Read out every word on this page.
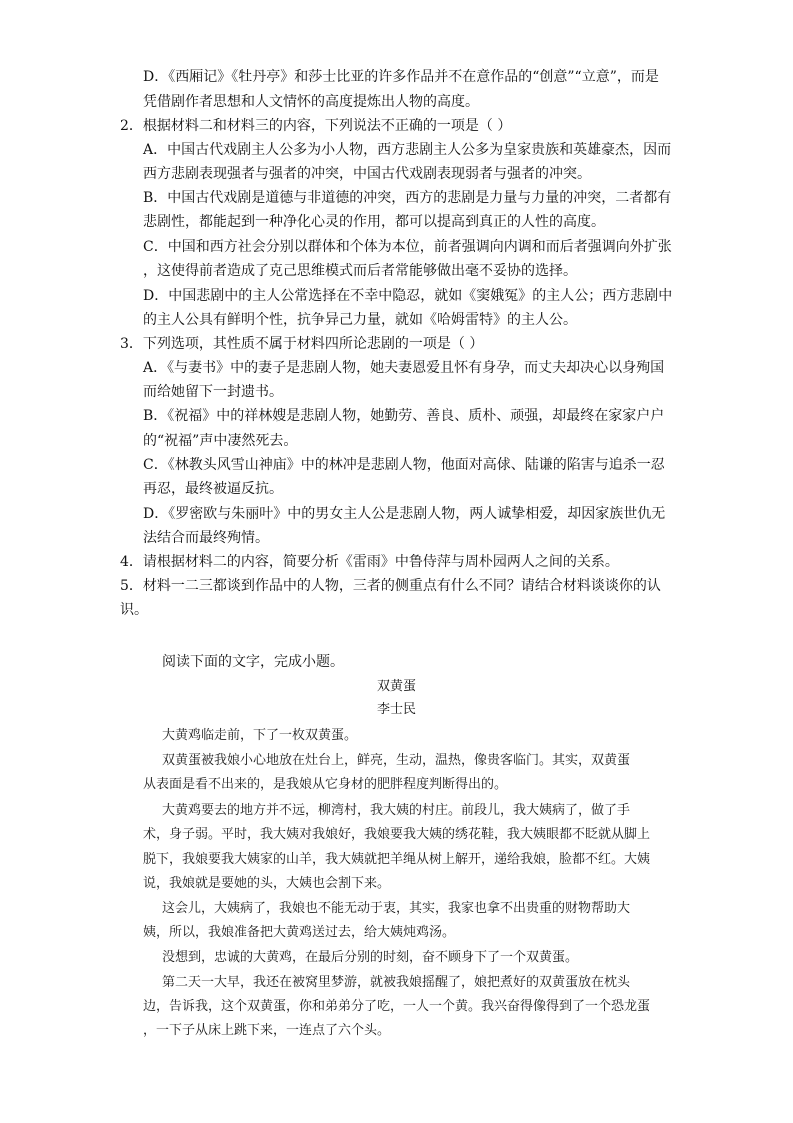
D．《西厢记》《牡丹亭》和莎士比亚的许多作品并不在意作品的“创意”“立意”，而是

凭借剧作者思想和人文情怀的高度提炼出人物的高度。

2．根据材料二和材料三的内容，下列说法不正确的一项是（ ）

A．中国古代戏剧主人公多为小人物，西方悲剧主人公多为皇家贵族和英雄豪杰，因而

西方悲剧表现强者与强者的冲突，中国古代戏剧表现弱者与强者的冲突。

B．中国古代戏剧是道德与非道德的冲突，西方的悲剧是力量与力量的冲突，二者都有

悲剧性，都能起到一种净化心灵的作用，都可以提高到真正的人性的高度。

C．中国和西方社会分别以群体和个体为本位，前者强调向内调和而后者强调向外扩张

，这使得前者造成了克己思维模式而后者常能够做出毫不妥协的选择。

D．中国悲剧中的主人公常选择在不幸中隐忍，就如《窦娥冤》的主人公；西方悲剧中

的主人公具有鲜明个性，抗争异己力量，就如《哈姆雷特》的主人公。

3．下列选项，其性质不属于材料四所论悲剧的一项是（ ）

A．《与妻书》中的妻子是悲剧人物，她夫妻恩爱且怀有身孕，而丈夫却决心以身殉国

而给她留下一封遗书。

B．《祝福》中的祥林嫂是悲剧人物，她勤劳、善良、质朴、顽强，却最终在家家户户

的“祝福”声中凄然死去。

C．《林教头风雪山神庙》中的林冲是悲剧人物，他面对高俅、陆谦的陷害与追杀一忍

再忍，最终被逼反抗。

D．《罗密欧与朱丽叶》中的男女主人公是悲剧人物，两人诚挚相爱，却因家族世仇无

法结合而最终殉情。

4．请根据材料二的内容，简要分析《雷雨》中鲁侍萍与周朴园两人之间的关系。

5．材料一二三都谈到作品中的人物，三者的侧重点有什么不同？请结合材料谈谈你的认

识。

阅读下面的文字，完成小题。

双黄蛋

李士民

大黄鸡临走前，下了一枚双黄蛋。

双黄蛋被我娘小心地放在灶台上，鲜亮，生动，温热，像贵客临门。其实，双黄蛋

从表面是看不出来的，是我娘从它身材的肥胖程度判断得出的。

大黄鸡要去的地方并不远，柳湾村，我大姨的村庄。前段儿，我大姨病了，做了手

术，身子弱。平时，我大姨对我娘好，我娘要我大姨的绣花鞋，我大姨眼都不眨就从脚上

脱下，我娘要我大姨家的山羊，我大姨就把羊绳从树上解开，递给我娘，脸都不红。大姨

说，我娘就是要她的头，大姨也会割下来。

这会儿，大姨病了，我娘也不能无动于衷，其实，我家也拿不出贵重的财物帮助大

姨，所以，我娘准备把大黄鸡送过去，给大姨炖鸡汤。

没想到，忠诚的大黄鸡，在最后分别的时刻，奋不顾身下了一个双黄蛋。

第二天一大早，我还在被窝里梦游，就被我娘摇醒了，娘把煮好的双黄蛋放在枕头

边，告诉我，这个双黄蛋，你和弟弟分了吃，一人一个黄。我兴奋得像得到了一个恐龙蛋

，一下子从床上跳下来，一连点了六个头。
